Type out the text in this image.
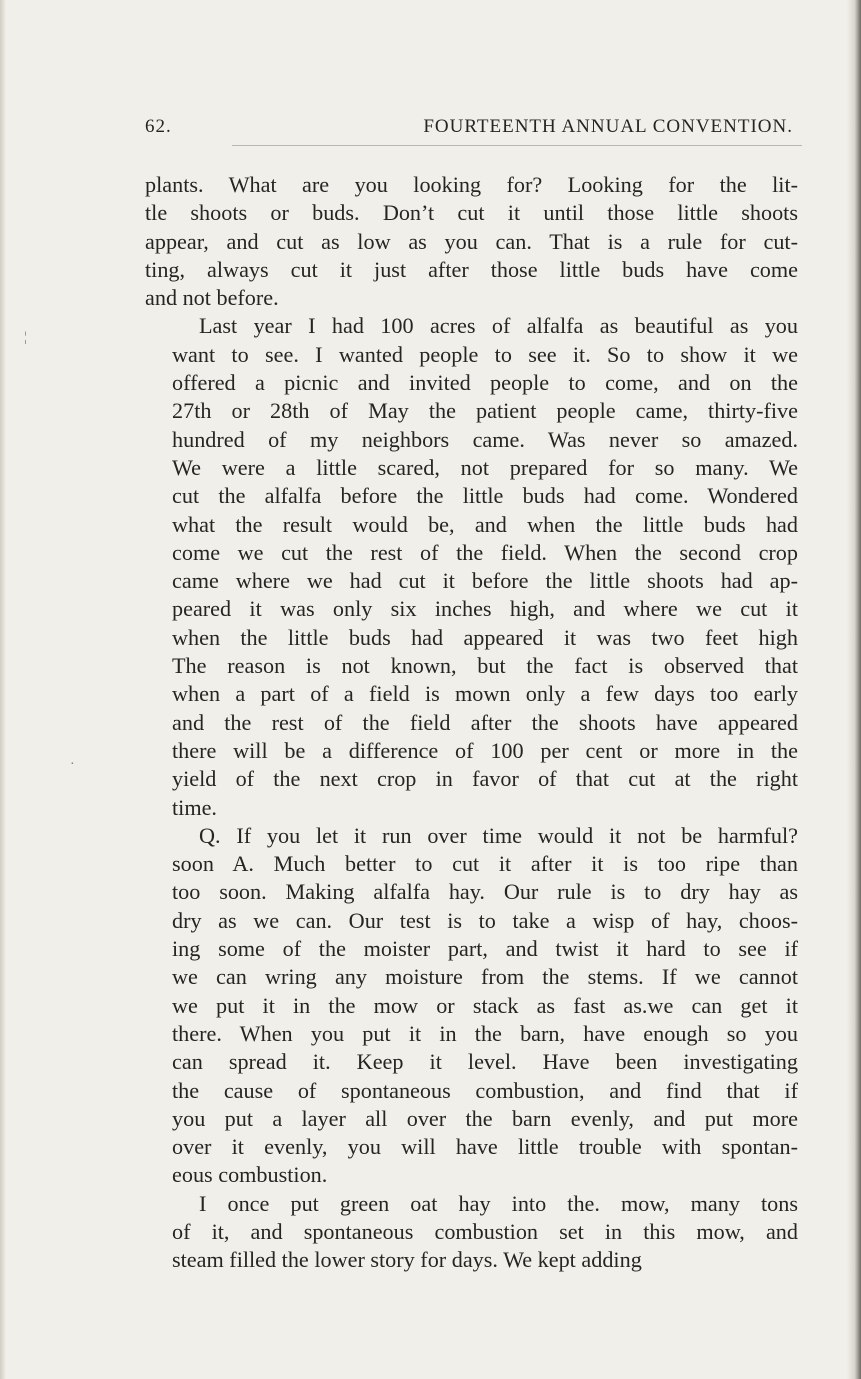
62.	FOURTEENTH ANNUAL CONVENTION.

plants. What are you looking for? Looking for the lit-
tle shoots or buds. Don’t cut it until those little shoots
appear, and cut as low as you can. That is a rule for cut-
ting, always cut it just after those little buds have come
and not before.

Last year I had 100 acres of alfalfa as beautiful as you
want to see. I wanted people to see it. So to show it we
offered a picnic and invited people to come, and on the
27th or 28th of May the patient people came, thirty-five
hundred of my neighbors came. Was never so amazed.
We were a little scared, not prepared for so many. We
cut the alfalfa before the little buds had come. Wondered
what the result would be, and when the little buds had
come we cut the rest of the field. When the second crop
came where we had cut it before the little shoots had ap-
peared it was only six inches high, and where we cut it
when the little buds had appeared it was two feet high
The reason is not known, but the fact is observed that
when a part of a field is mown only a few days too early
and the rest of the field after the shoots have appeared
there will be a difference of 100 per cent or more in the
yield of the next crop in favor of that cut at the right
time.

Q. If you let it run over time would it not be harmful?
soon A. Much better to cut it after it is too ripe than
too soon. Making alfalfa hay. Our rule is to dry hay as
dry as we can. Our test is to take a wisp of hay, choos-
ing some of the moister part, and twist it hard to see if
we can wring any moisture from the stems. If we cannot
we put it in the mow or stack as fast as.we can get it
there. When you put it in the barn, have enough so you
can spread it. Keep it level. Have been investigating
the cause of spontaneous combustion, and find that if
you put a layer all over the barn evenly, and put more
over it evenly, you will have little trouble with spontan-
eous combustion.

I once put green oat hay into the. mow, many tons
of it, and spontaneous combustion set in this mow, and
steam filled the lower story for days. We kept adding

¦
·
